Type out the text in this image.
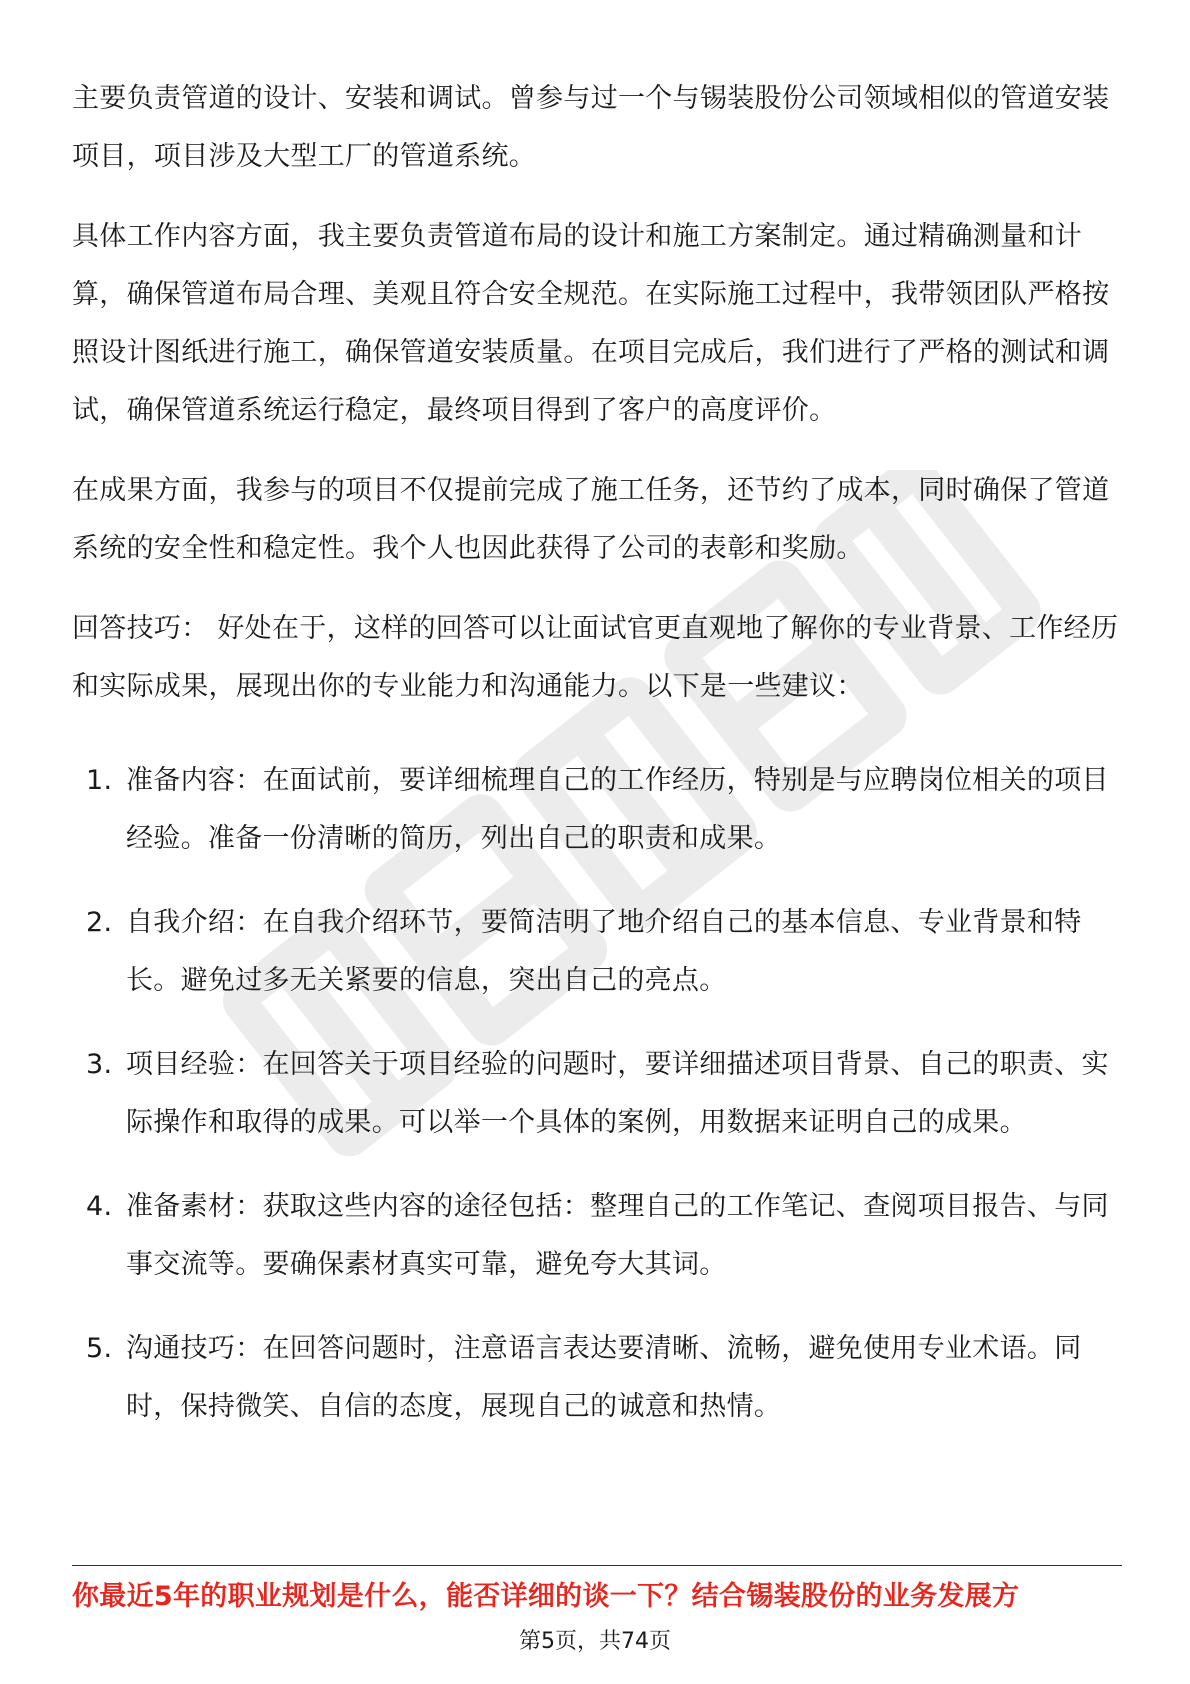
主要负责管道的设计、安装和调试。曾参与过一个与锡装股份公司领域相似的管道安装项目，项目涉及大型工厂的管道系统。

具体工作内容方面，我主要负责管道布局的设计和施工方案制定。通过精确测量和计算，确保管道布局合理、美观且符合安全规范。在实际施工过程中，我带领团队严格按照设计图纸进行施工，确保管道安装质量。在项目完成后，我们进行了严格的测试和调试，确保管道系统运行稳定，最终项目得到了客户的高度评价。

在成果方面，我参与的项目不仅提前完成了施工任务，还节约了成本，同时确保了管道系统的安全性和稳定性。我个人也因此获得了公司的表彰和奖励。

回答技巧： 好处在于，这样的回答可以让面试官更直观地了解你的专业背景、工作经历和实际成果，展现出你的专业能力和沟通能力。以下是一些建议：

1. 准备内容：在面试前，要详细梳理自己的工作经历，特别是与应聘岗位相关的项目经验。准备一份清晰的简历，列出自己的职责和成果。
2. 自我介绍：在自我介绍环节，要简洁明了地介绍自己的基本信息、专业背景和特长。避免过多无关紧要的信息，突出自己的亮点。
3. 项目经验：在回答关于项目经验的问题时，要详细描述项目背景、自己的职责、实际操作和取得的成果。可以举一个具体的案例，用数据来证明自己的成果。
4. 准备素材：获取这些内容的途径包括：整理自己的工作笔记、查阅项目报告、与同事交流等。要确保素材真实可靠，避免夸大其词。
5. 沟通技巧：在回答问题时，注意语言表达要清晰、流畅，避免使用专业术语。同时，保持微笑、自信的态度，展现自己的诚意和热情。
你最近5年的职业规划是什么，能否详细的谈一下？结合锡装股份的业务发展方
第5页，共74页
